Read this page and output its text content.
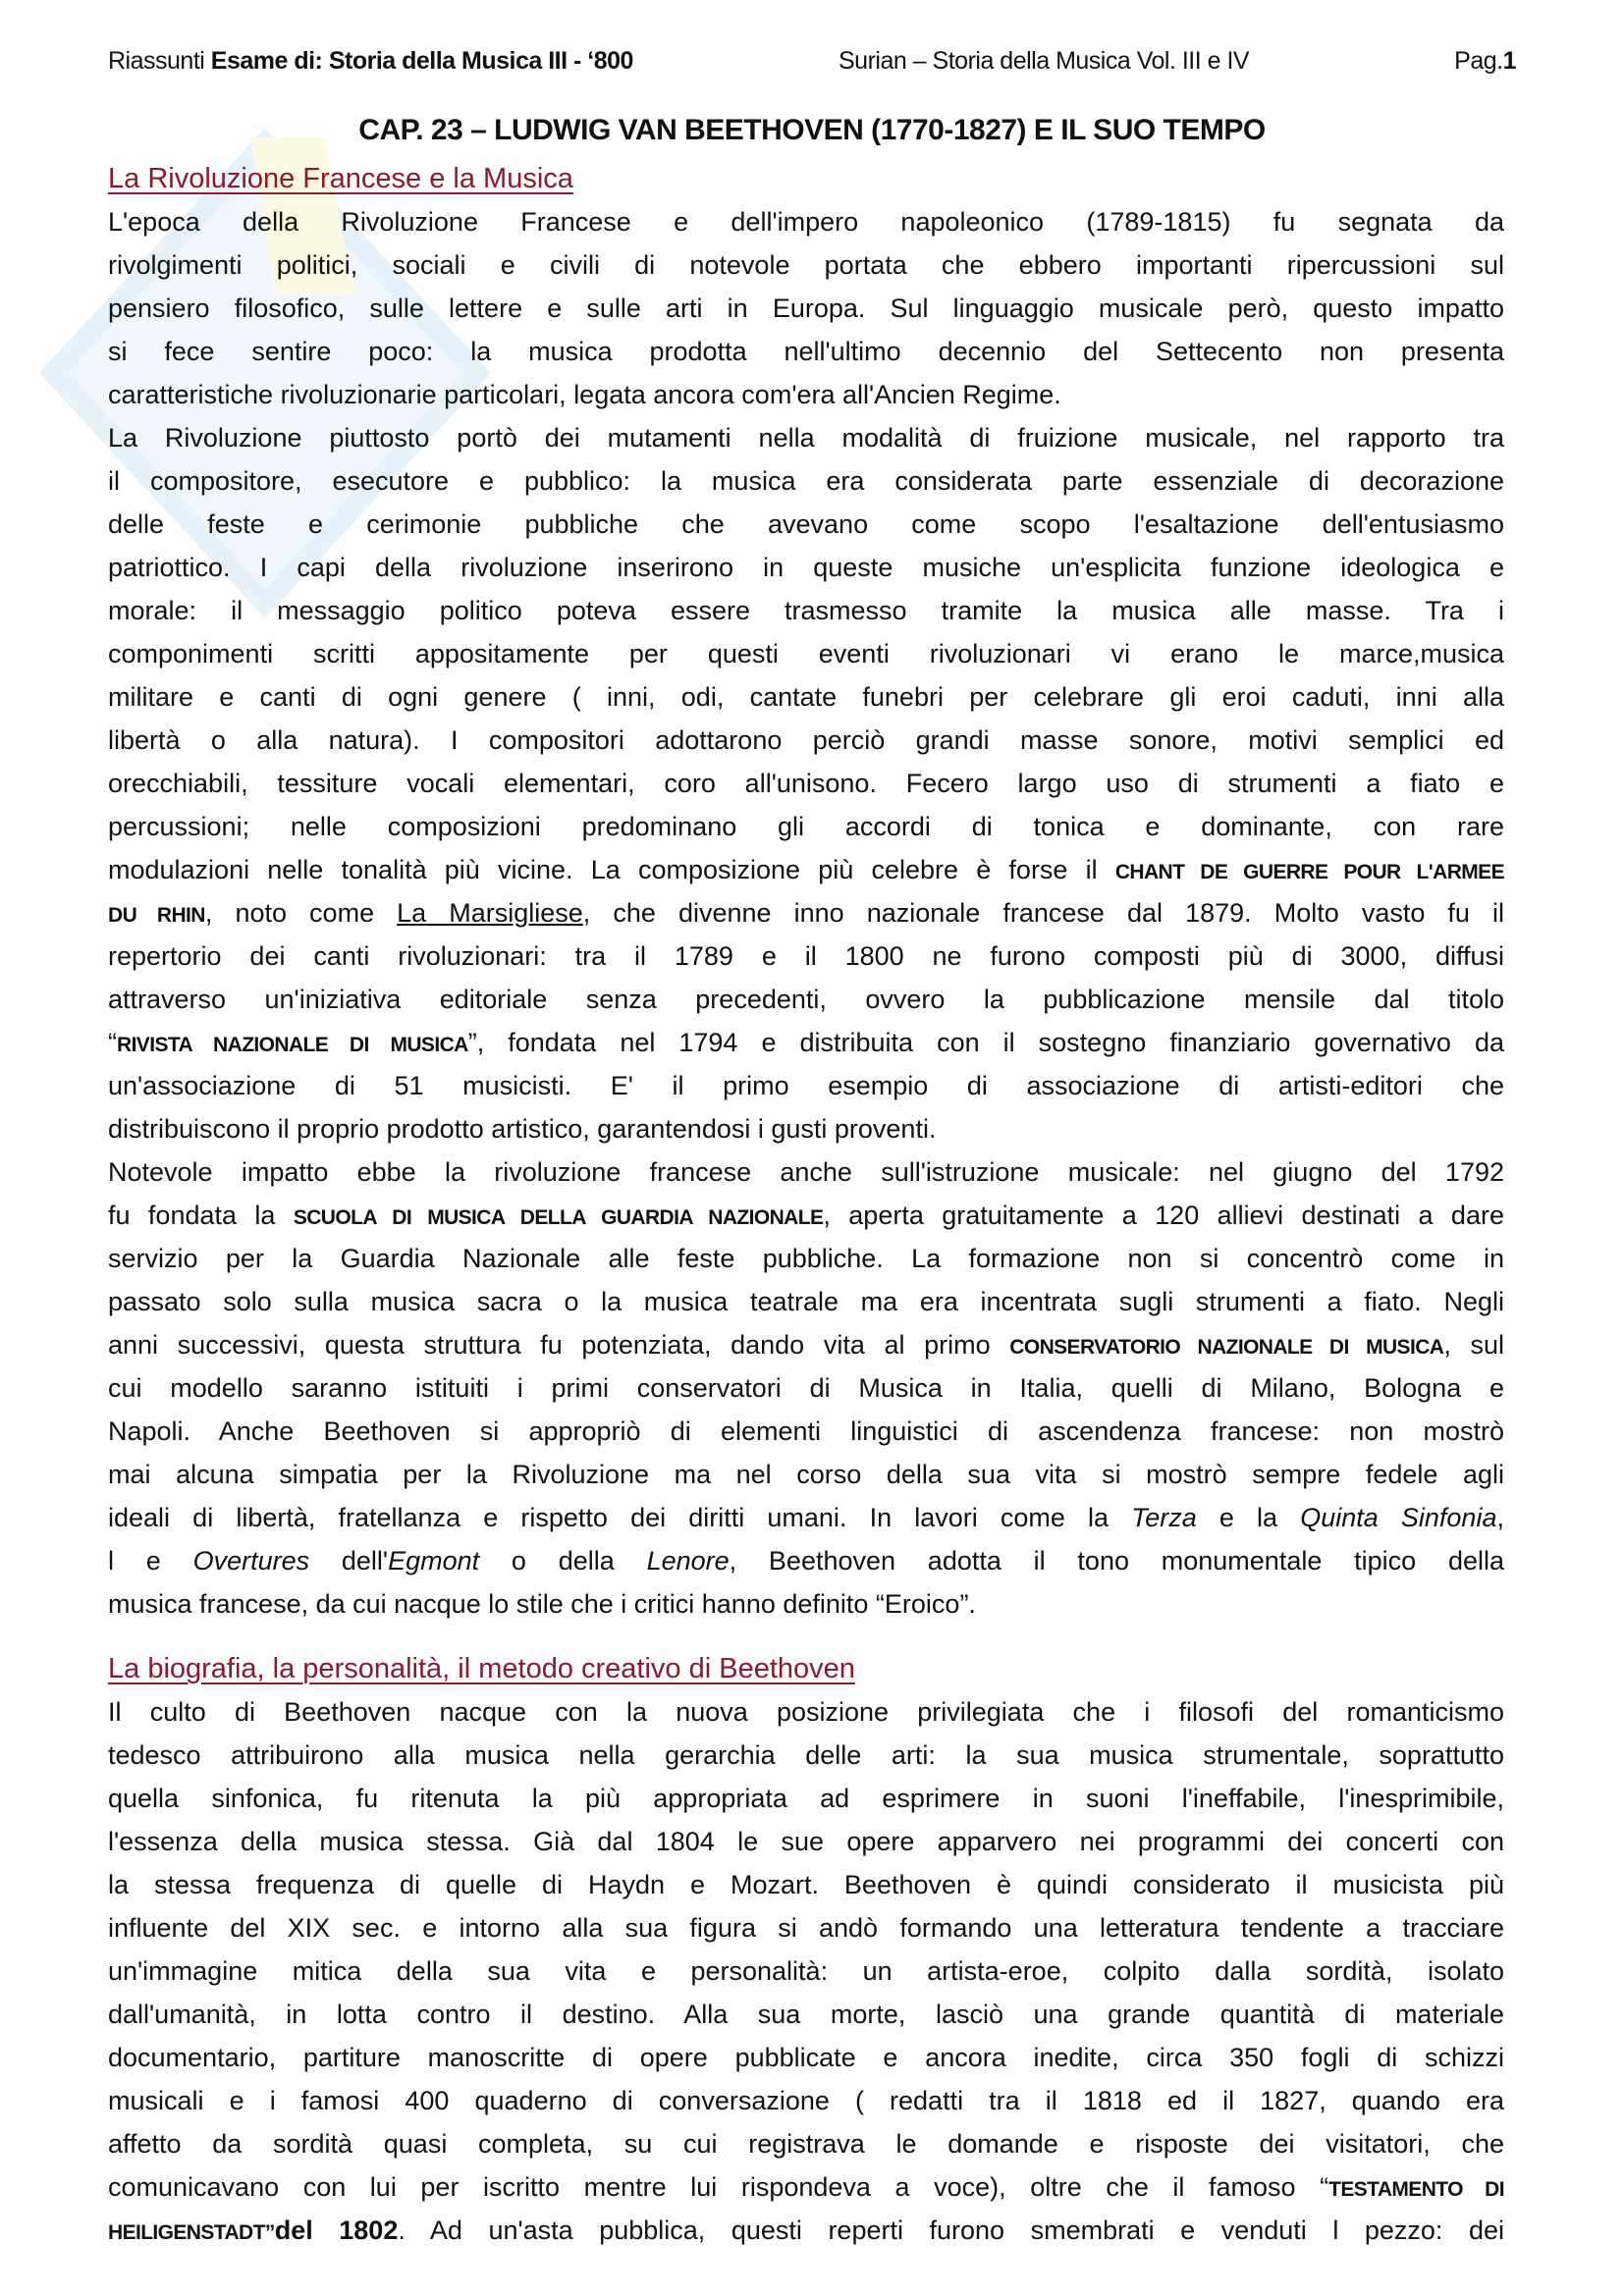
Riassunti Esame di: Storia della Musica III - ‘800	Surian – Storia della Musica Vol. III e IV	Pag.1
CAP. 23 – LUDWIG VAN BEETHOVEN (1770-1827) E IL SUO TEMPO
La Rivoluzione Francese e la Musica
L'epoca della Rivoluzione Francese e dell'impero napoleonico (1789-1815) fu segnata da
rivolgimenti politici, sociali e civili di notevole portata che ebbero importanti ripercussioni sul
pensiero filosofico, sulle lettere e sulle arti in Europa. Sul linguaggio musicale però, questo impatto
si fece sentire poco: la musica prodotta nell'ultimo decennio del Settecento non presenta
caratteristiche rivoluzionarie particolari, legata ancora com'era all'Ancien Regime.
La Rivoluzione piuttosto portò dei mutamenti nella modalità di fruizione musicale, nel rapporto tra
il compositore, esecutore e pubblico: la musica era considerata parte essenziale di decorazione
delle feste e cerimonie pubbliche che avevano come scopo l'esaltazione dell'entusiasmo
patriottico. I capi della rivoluzione inserirono in queste musiche un'esplicita funzione ideologica e
morale: il messaggio politico poteva essere trasmesso tramite la musica alle masse. Tra i
componimenti scritti appositamente per questi eventi rivoluzionari vi erano le marce,musica
militare e canti di ogni genere ( inni, odi, cantate funebri per celebrare gli eroi caduti, inni alla
libertà o alla natura). I compositori adottarono perciò grandi masse sonore, motivi semplici ed
orecchiabili, tessiture vocali elementari, coro all'unisono. Fecero largo uso di strumenti a fiato e
percussioni; nelle composizioni predominano gli accordi di tonica e dominante, con rare
modulazioni nelle tonalità più vicine. La composizione più celebre è forse il CHANT DE GUERRE POUR L'ARMEE
DU RHIN, noto come La Marsigliese, che divenne inno nazionale francese dal 1879. Molto vasto fu il
repertorio dei canti rivoluzionari: tra il 1789 e il 1800 ne furono composti più di 3000, diffusi
attraverso un'iniziativa editoriale senza precedenti, ovvero la pubblicazione mensile dal titolo
“RIVISTA NAZIONALE DI MUSICA”, fondata nel 1794 e distribuita con il sostegno finanziario governativo da
un'associazione di 51 musicisti. E' il primo esempio di associazione di artisti-editori che
distribuiscono il proprio prodotto artistico, garantendosi i gusti proventi.
Notevole impatto ebbe la rivoluzione francese anche sull'istruzione musicale: nel giugno del 1792
fu fondata la SCUOLA DI MUSICA DELLA GUARDIA NAZIONALE, aperta gratuitamente a 120 allievi destinati a dare
servizio per la Guardia Nazionale alle feste pubbliche. La formazione non si concentrò come in
passato solo sulla musica sacra o la musica teatrale ma era incentrata sugli strumenti a fiato. Negli
anni successivi, questa struttura fu potenziata, dando vita al primo CONSERVATORIO NAZIONALE DI MUSICA, sul
cui modello saranno istituiti i primi conservatori di Musica in Italia, quelli di Milano, Bologna e
Napoli. Anche Beethoven si appropriò di elementi linguistici di ascendenza francese: non mostrò
mai alcuna simpatia per la Rivoluzione ma nel corso della sua vita si mostrò sempre fedele agli
ideali di libertà, fratellanza e rispetto dei diritti umani. In lavori come la Terza e la Quinta Sinfonia,
l e Overtures dell'Egmont o della Lenore, Beethoven adotta il tono monumentale tipico della
musica francese, da cui nacque lo stile che i critici hanno definito “Eroico”.
La biografia, la personalità, il metodo creativo di Beethoven
Il culto di Beethoven nacque con la nuova posizione privilegiata che i filosofi del romanticismo
tedesco attribuirono alla musica nella gerarchia delle arti: la sua musica strumentale, soprattutto
quella sinfonica, fu ritenuta la più appropriata ad esprimere in suoni l'ineffabile, l'inesprimibile,
l'essenza della musica stessa. Già dal 1804 le sue opere apparvero nei programmi dei concerti con
la stessa frequenza di quelle di Haydn e Mozart. Beethoven è quindi considerato il musicista più
influente del XIX sec. e intorno alla sua figura si andò formando una letteratura tendente a tracciare
un'immagine mitica della sua vita e personalità: un artista-eroe, colpito dalla sordità, isolato
dall'umanità, in lotta contro il destino. Alla sua morte, lasciò una grande quantità di materiale
documentario, partiture manoscritte di opere pubblicate e ancora inedite, circa 350 fogli di schizzi
musicali e i famosi 400 quaderno di conversazione ( redatti tra il 1818 ed il 1827, quando era
affetto da sordità quasi completa, su cui registrava le domande e risposte dei visitatori, che
comunicavano con lui per iscritto mentre lui rispondeva a voce), oltre che il famoso “TESTAMENTO DI
HEILIGENSTADT”del 1802. Ad un'asta pubblica, questi reperti furono smembrati e venduti l pezzo: dei
